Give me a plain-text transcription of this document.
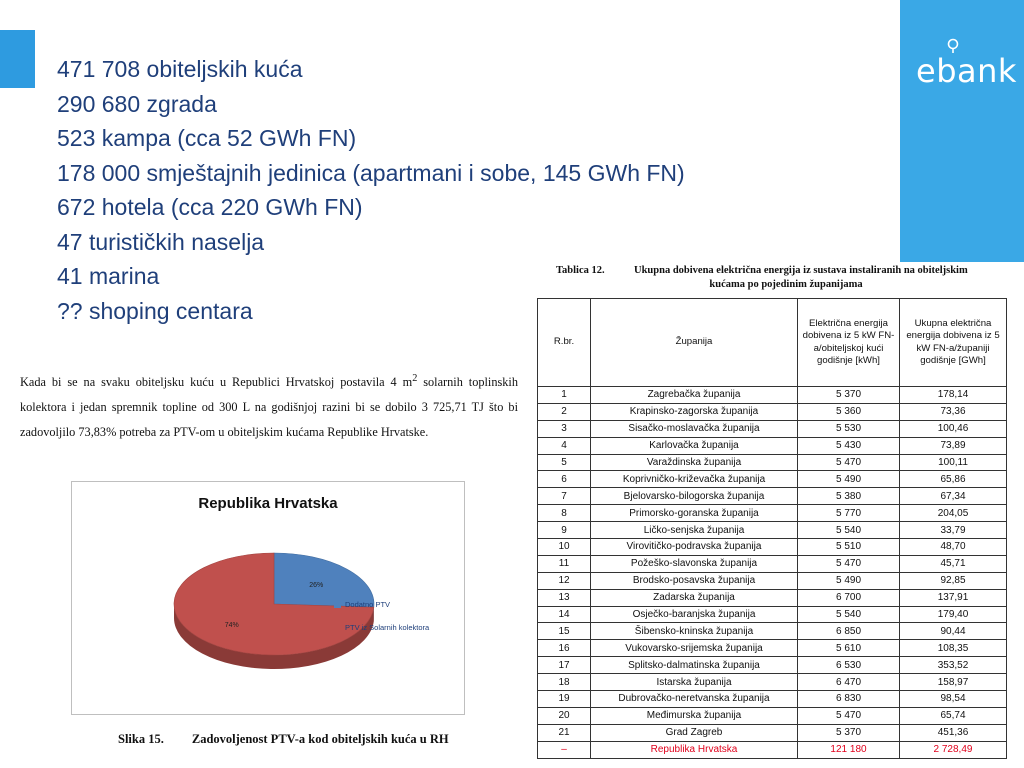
ebank
471 708 obiteljskih kuća
290 680 zgrada
523 kampa (cca 52 GWh FN)
178 000 smještajnih jedinica (apartmani i sobe, 145 GWh FN)
672 hotela (cca 220 GWh FN)
47 turističkih naselja
41 marina
?? shoping centara
Kada bi se na svaku obiteljsku kuću u Republici Hrvatskoj postavila 4 $m^2$ solarnih toplinskih kolektora i jedan spremnik topline od 300 L na godišnjoj razini bi se dobilo 3 725,71 TJ što bi zadovoljilo 73,83% potreba za PTV-om u obiteljskim kućama Republike Hrvatske.
Republika Hrvatska
26%
74%
Dodatno PTV
PTV iz Solarnih kolektora
Slika 15. Zadovoljenost PTV-a kod obiteljskih kuća u RH
Tablica 12.	Ukupna dobivena električna energija iz sustava instaliranih na obiteljskim
kućama po pojedinim županijama
R.br.	Županija	Električna energija dobivena iz 5 kW FN-a/obiteljskoj kući godišnje [kWh]	Ukupna električna energija dobivena iz 5 kW FN-a/županiji godišnje [GWh]
1	Zagrebačka županija	5 370	178,14
2	Krapinsko-zagorska županija	5 360	73,36
3	Sisačko-moslavačka županija	5 530	100,46
4	Karlovačka županija	5 430	73,89
5	Varaždinska županija	5 470	100,11
6	Koprivničko-križevačka županija	5 490	65,86
7	Bjelovarsko-bilogorska županija	5 380	67,34
8	Primorsko-goranska županija	5 770	204,05
9	Ličko-senjska županija	5 540	33,79
10	Virovitičko-podravska županija	5 510	48,70
11	Požeško-slavonska županija	5 470	45,71
12	Brodsko-posavska županija	5 490	92,85
13	Zadarska županija	6 700	137,91
14	Osječko-baranjska županija	5 540	179,40
15	Šibensko-kninska županija	6 850	90,44
16	Vukovarsko-srijemska županija	5 610	108,35
17	Splitsko-dalmatinska županija	6 530	353,52
18	Istarska županija	6 470	158,97
19	Dubrovačko-neretvanska županija	6 830	98,54
20	Međimurska županija	5 470	65,74
21	Grad Zagreb	5 370	451,36
–	Republika Hrvatska	121 180	2 728,49
